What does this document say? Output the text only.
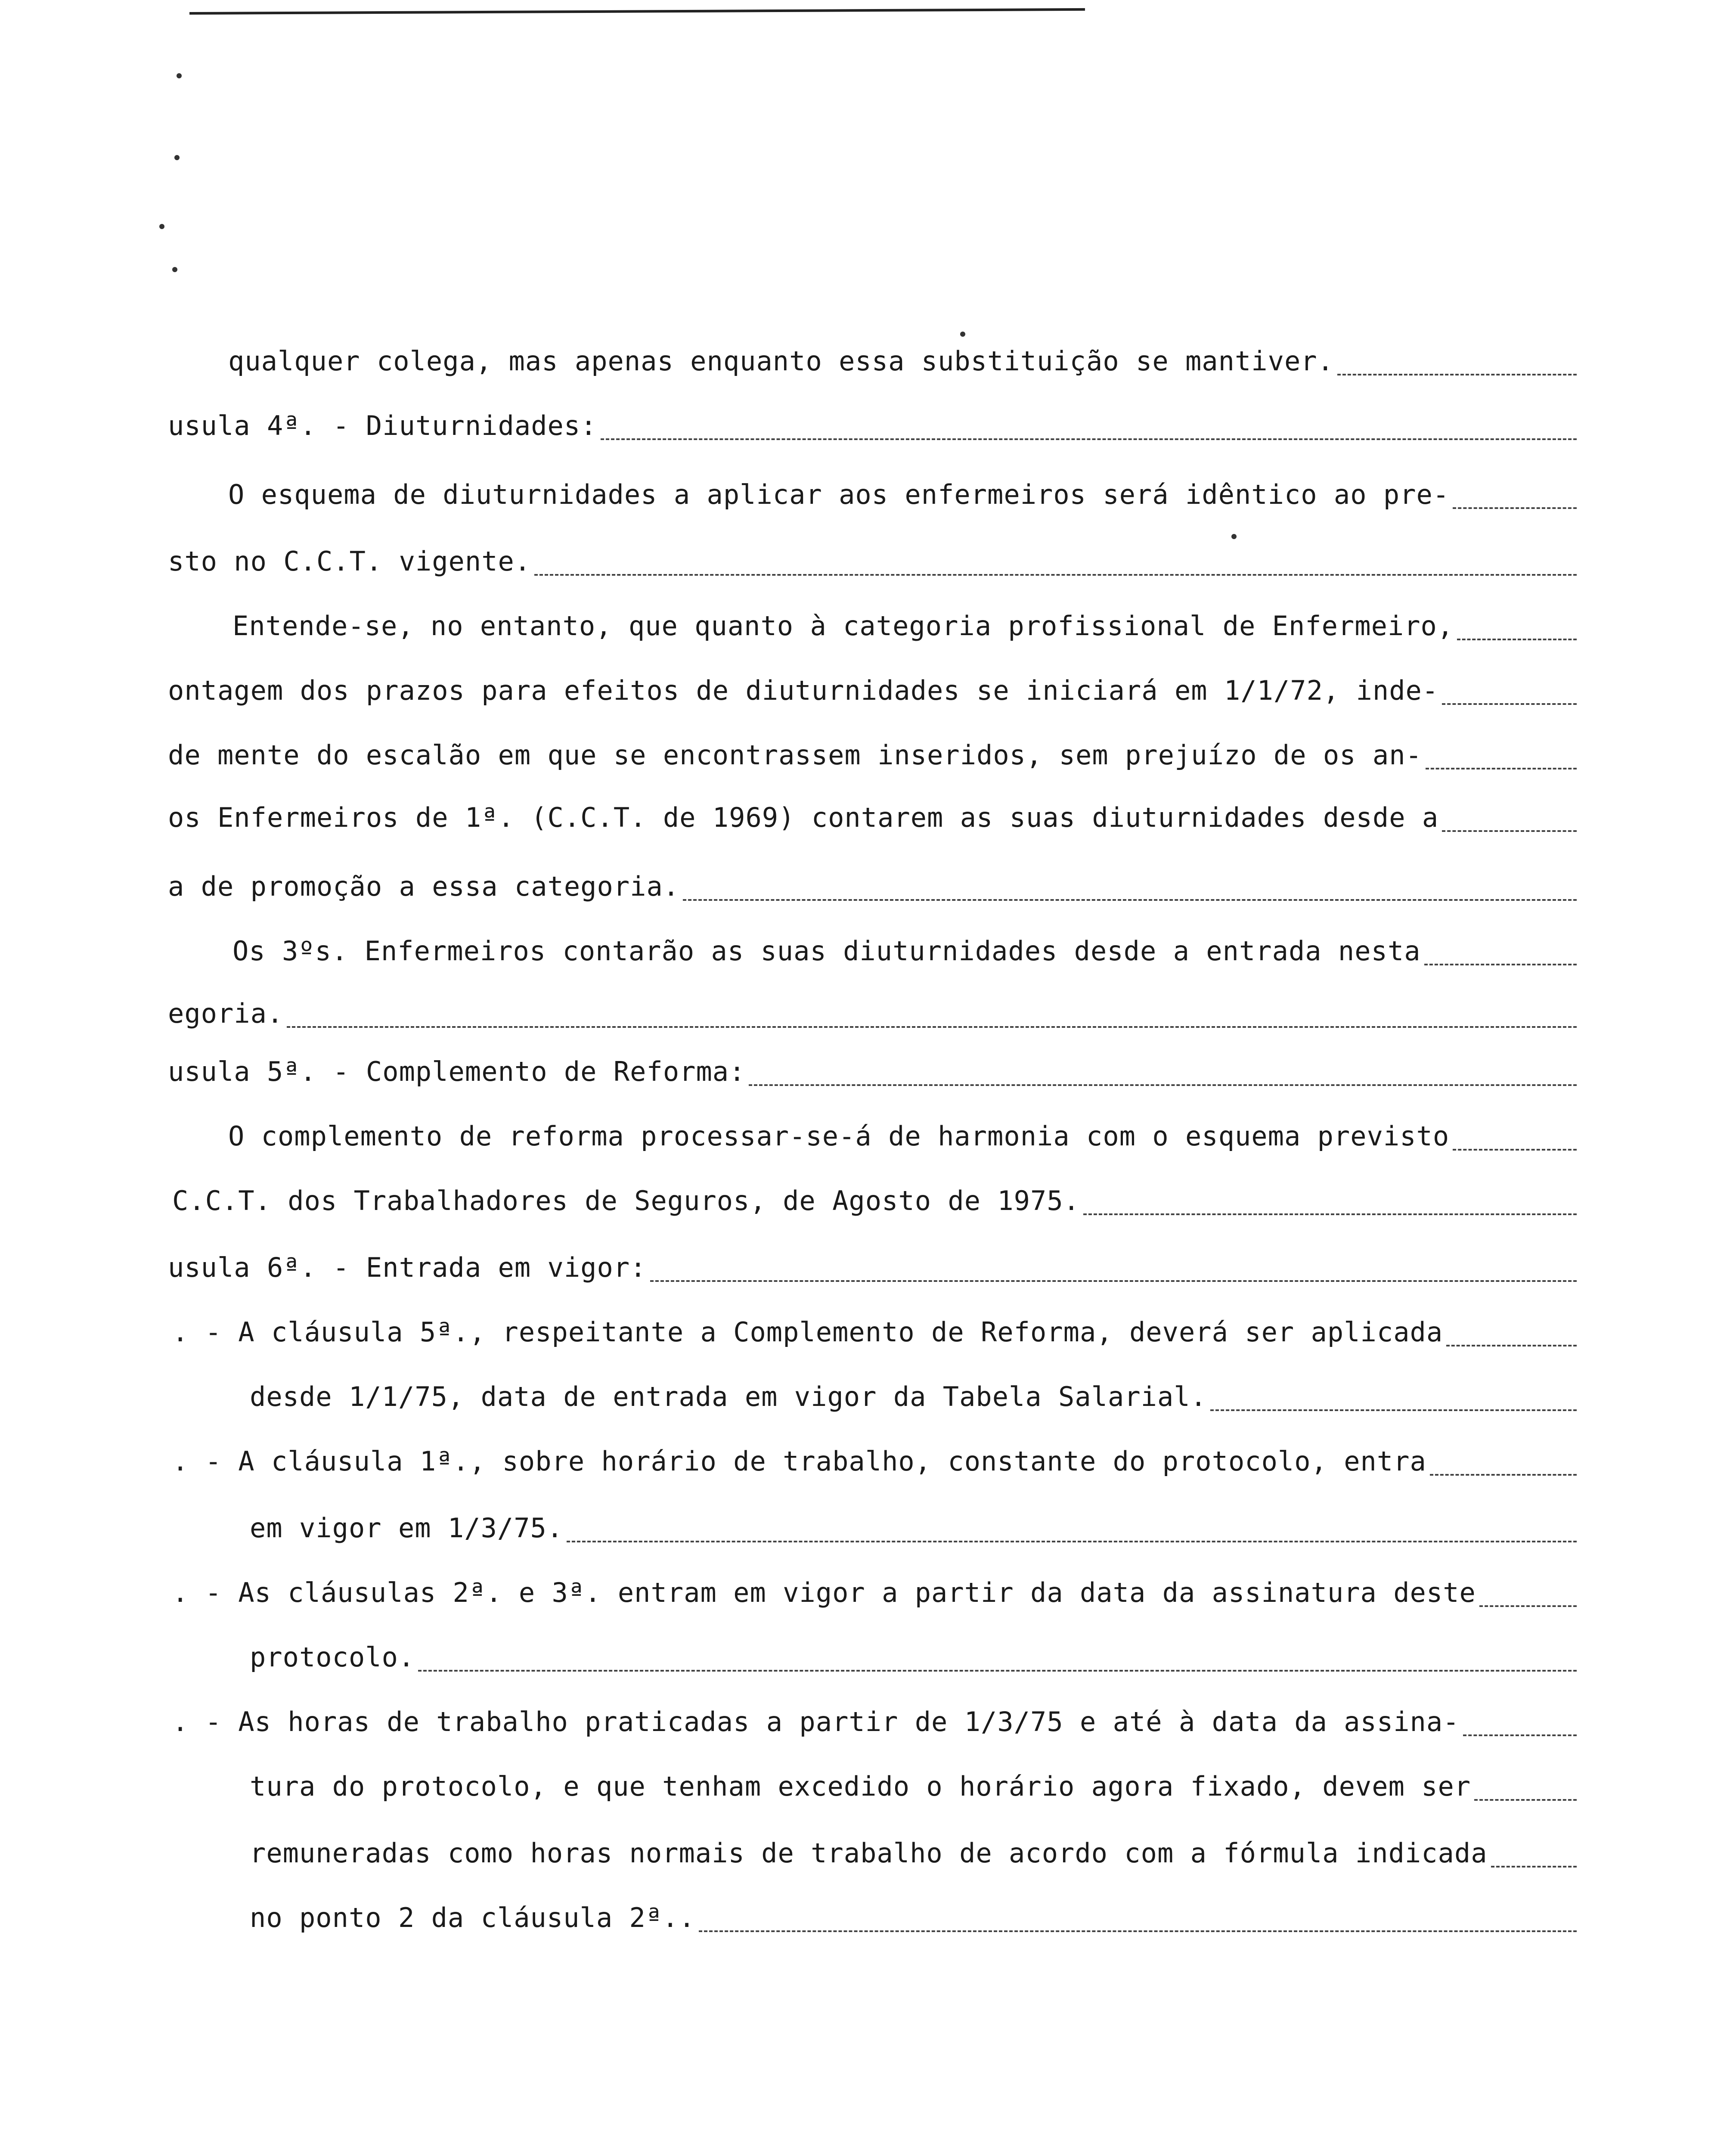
qualquer colega, mas apenas enquanto essa substituição se mantiver.
usula 4ª. - Diuturnidades:
O esquema de diuturnidades a aplicar aos enfermeiros será idêntico ao pre-
sto no C.C.T. vigente.
Entende-se, no entanto, que quanto à categoria profissional de Enfermeiro,
ontagem dos prazos para efeitos de diuturnidades se iniciará em 1/1/72, inde-
de mente do escalão em que se encontrassem inseridos, sem prejuízo de os an-
os Enfermeiros de 1ª. (C.C.T. de 1969) contarem as suas diuturnidades desde a
a de promoção a essa categoria.
Os 3ºs. Enfermeiros contarão as suas diuturnidades desde a entrada nesta
egoria.
usula 5ª. - Complemento de Reforma:
O complemento de reforma processar-se-á de harmonia com o esquema previsto
C.C.T. dos Trabalhadores de Seguros, de Agosto de 1975.
usula 6ª. - Entrada em vigor:
. - A cláusula 5ª., respeitante a Complemento de Reforma, deverá ser aplicada
desde 1/1/75, data de entrada em vigor da Tabela Salarial.
. - A cláusula 1ª., sobre horário de trabalho, constante do protocolo, entra
em vigor em 1/3/75.
. - As cláusulas 2ª. e 3ª. entram em vigor a partir da data da assinatura deste
protocolo.
. - As horas de trabalho praticadas a partir de 1/3/75 e até à data da assina-
tura do protocolo, e que tenham excedido o horário agora fixado, devem ser
remuneradas como horas normais de trabalho de acordo com a fórmula indicada
no ponto 2 da cláusula 2ª..
